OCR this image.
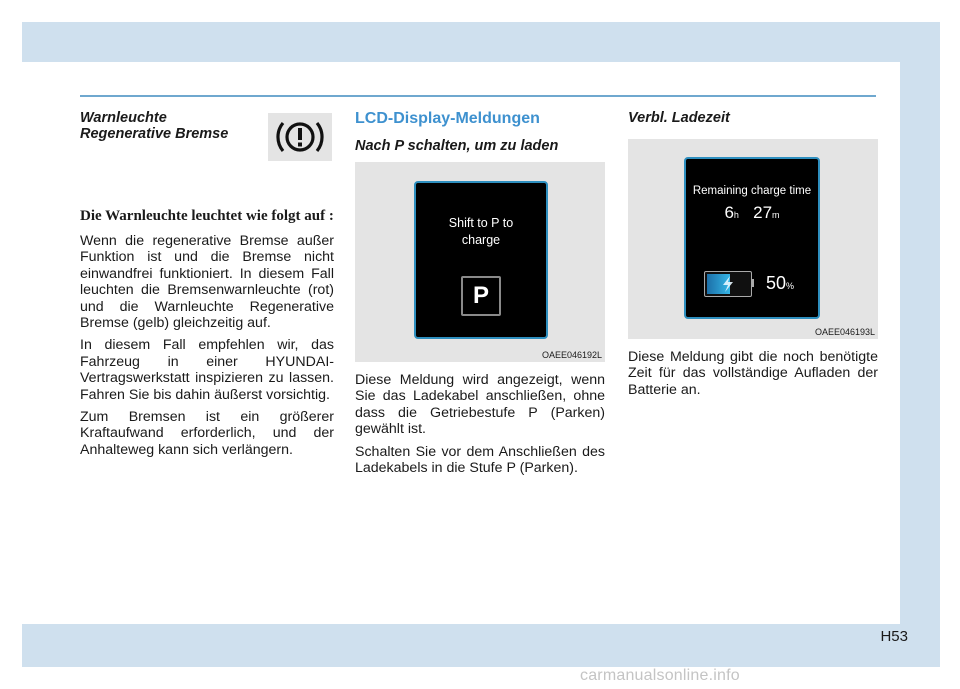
Warnleuchte
Regenerative Bremse
Die Warnleuchte leuchtet wie folgt auf :

Wenn die regenerative Bremse außer Funktion ist und die Bremse nicht einwandfrei funktioniert. In diesem Fall leuchten die Bremsenwarnleuchte (rot) und die Warnleuchte Regenerative Bremse (gelb) gleichzeitig auf.

In diesem Fall empfehlen wir, das Fahrzeug in einer HYUNDAI-Vertragswerkstatt inspizieren zu lassen. Fahren Sie bis dahin äußerst vorsichtig.

Zum Bremsen ist ein größerer Kraftaufwand erforderlich, und der Anhalteweg kann sich verlängern.

LCD-Display-Meldungen
Nach P schalten, um zu laden
Shift to P to
charge
P
OAEE046192L

Diese Meldung wird angezeigt, wenn Sie das Ladekabel anschließen, ohne dass die Getriebestufe P (Parken) gewählt ist.

Schalten Sie vor dem Anschließen des Ladekabels in die Stufe P (Parken).

Verbl. Ladezeit
Remaining charge time
6h 27m
50%
OAEE046193L

Diese Meldung gibt die noch benötigte Zeit für das vollständige Aufladen der Batterie an.

H53
carmanualsonline.info
